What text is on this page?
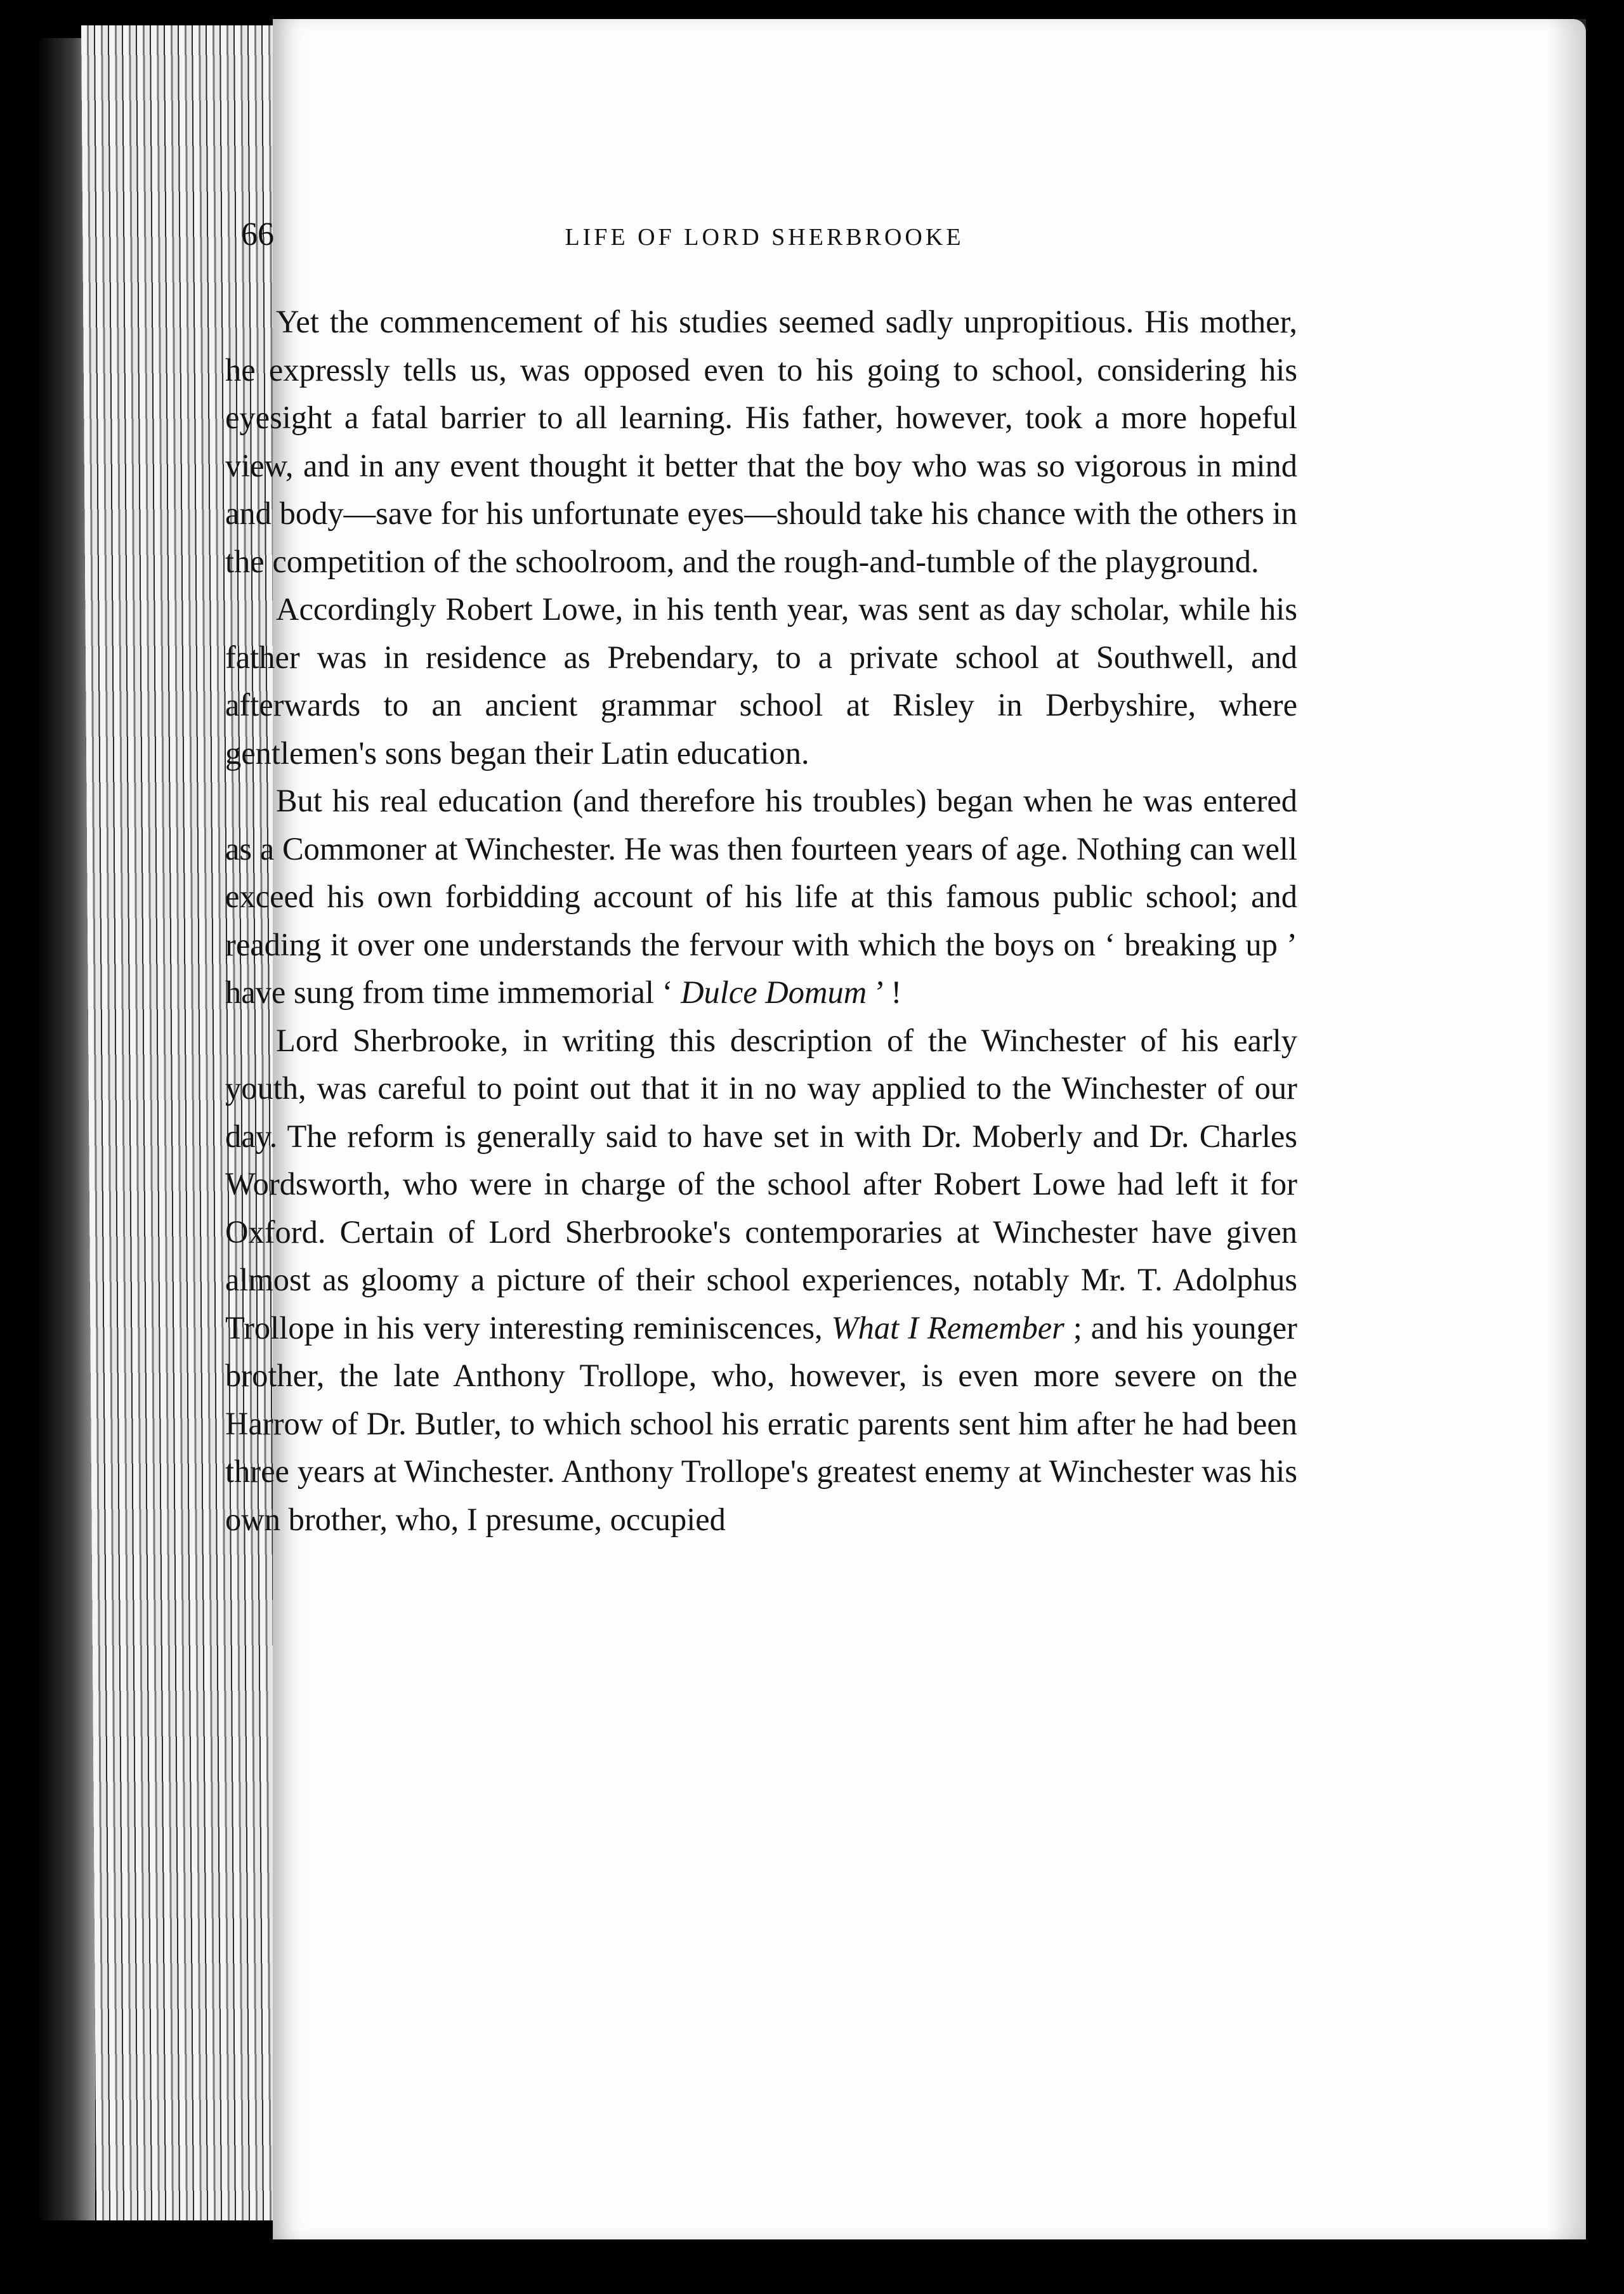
66	LIFE OF LORD SHERBROOKE

Yet the commencement of his studies seemed sadly unpropitious. His mother, he expressly tells us, was opposed even to his going to school, considering his eyesight a fatal barrier to all learning. His father, however, took a more hopeful view, and in any event thought it better that the boy who was so vigorous in mind and body—save for his unfortunate eyes—should take his chance with the others in the competition of the schoolroom, and the rough-and-tumble of the playground.

Accordingly Robert Lowe, in his tenth year, was sent as day scholar, while his father was in residence as Prebendary, to a private school at Southwell, and afterwards to an ancient grammar school at Risley in Derbyshire, where gentlemen's sons began their Latin education.

But his real education (and therefore his troubles) began when he was entered as a Commoner at Winchester. He was then fourteen years of age. Nothing can well exceed his own forbidding account of his life at this famous public school; and reading it over one understands the fervour with which the boys on ‘ breaking up ’ have sung from time immemorial ‘ Dulce Domum ’ !

Lord Sherbrooke, in writing this description of the Winchester of his early youth, was careful to point out that it in no way applied to the Winchester of our day. The reform is generally said to have set in with Dr. Moberly and Dr. Charles Wordsworth, who were in charge of the school after Robert Lowe had left it for Oxford. Certain of Lord Sherbrooke's contemporaries at Winchester have given almost as gloomy a picture of their school experiences, notably Mr. T. Adolphus Trollope in his very interesting reminiscences, What I Remember ; and his younger brother, the late Anthony Trollope, who, however, is even more severe on the Harrow of Dr. Butler, to which school his erratic parents sent him after he had been three years at Winchester. Anthony Trollope's greatest enemy at Winchester was his own brother, who, I presume, occupied
